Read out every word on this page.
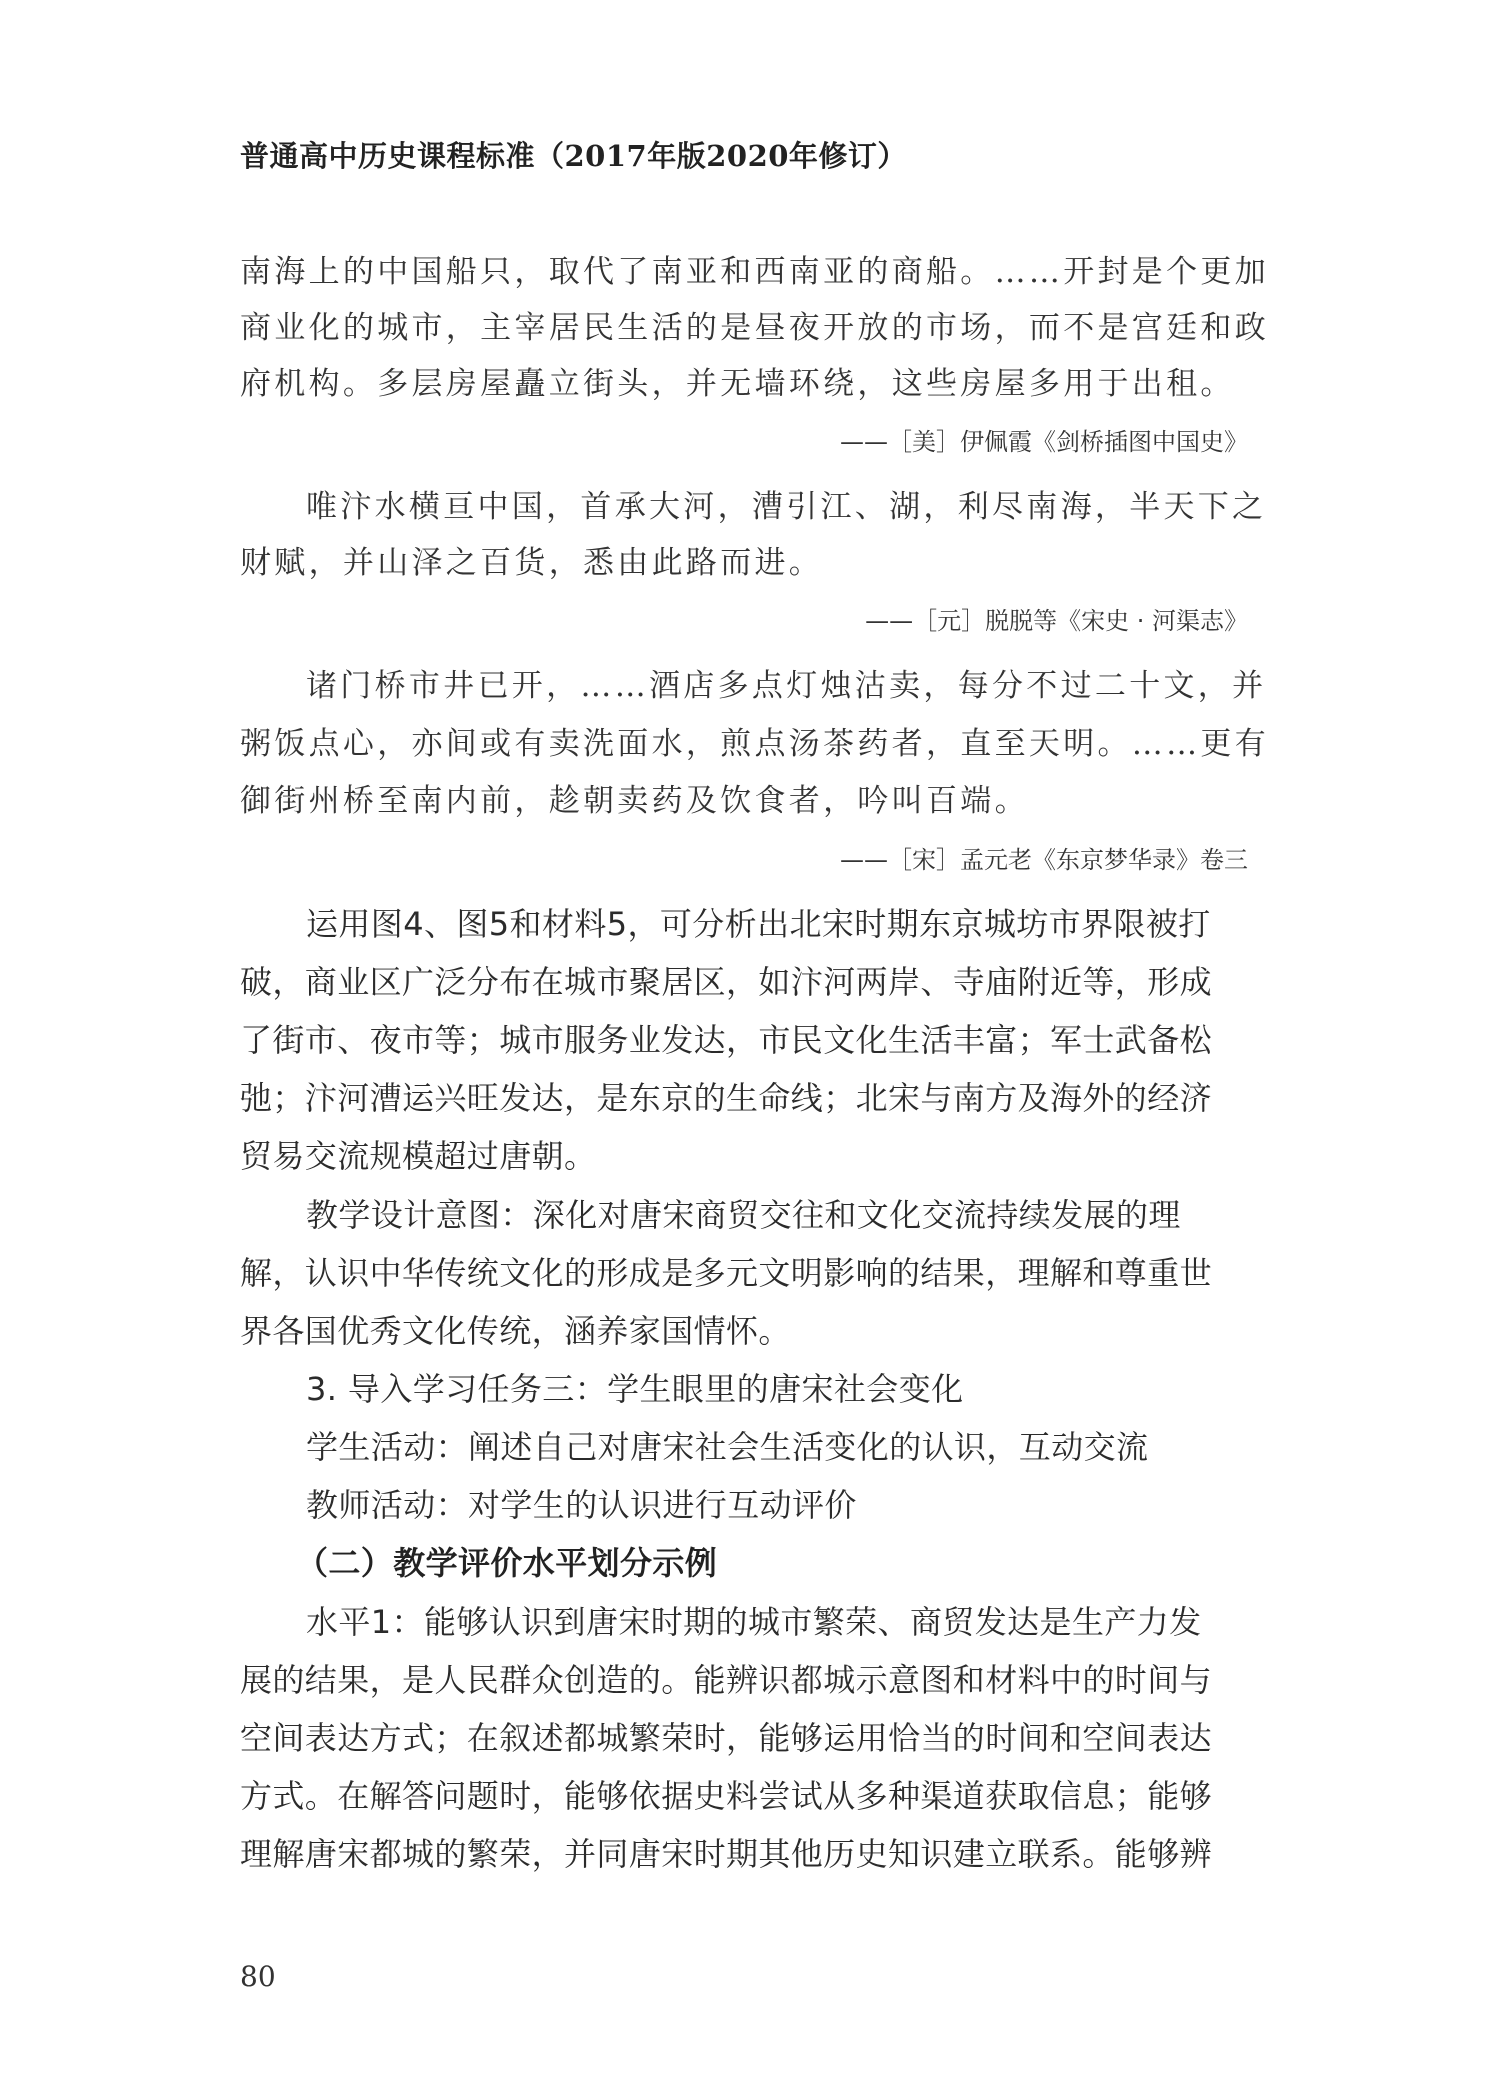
普通高中历史课程标准（2017年版2020年修订）
南海上的中国船只，取代了南亚和西南亚的商船。……开封是个更加
商业化的城市，主宰居民生活的是昼夜开放的市场，而不是宫廷和政
府机构。多层房屋矗立街头，并无墙环绕，这些房屋多用于出租。
——［美］伊佩霞《剑桥插图中国史》
唯汴水横亘中国，首承大河，漕引江、湖，利尽南海，半天下之
财赋，并山泽之百货，悉由此路而进。
——［元］脱脱等《宋史 · 河渠志》
诸门桥市井已开，……酒店多点灯烛沽卖，每分不过二十文，并
粥饭点心，亦间或有卖洗面水，煎点汤茶药者，直至天明。……更有
御街州桥至南内前，趁朝卖药及饮食者，吟叫百端。
——［宋］孟元老《东京梦华录》卷三
运用图4、图5和材料5，可分析出北宋时期东京城坊市界限被打
破，商业区广泛分布在城市聚居区，如汴河两岸、寺庙附近等，形成
了街市、夜市等；城市服务业发达，市民文化生活丰富；军士武备松
弛；汴河漕运兴旺发达，是东京的生命线；北宋与南方及海外的经济
贸易交流规模超过唐朝。
教学设计意图：深化对唐宋商贸交往和文化交流持续发展的理
解，认识中华传统文化的形成是多元文明影响的结果，理解和尊重世
界各国优秀文化传统，涵养家国情怀。
3. 导入学习任务三：学生眼里的唐宋社会变化
学生活动：阐述自己对唐宋社会生活变化的认识，互动交流
教师活动：对学生的认识进行互动评价
（二）教学评价水平划分示例
水平1：能够认识到唐宋时期的城市繁荣、商贸发达是生产力发
展的结果，是人民群众创造的。能辨识都城示意图和材料中的时间与
空间表达方式；在叙述都城繁荣时，能够运用恰当的时间和空间表达
方式。在解答问题时，能够依据史料尝试从多种渠道获取信息；能够
理解唐宋都城的繁荣，并同唐宋时期其他历史知识建立联系。能够辨
80
